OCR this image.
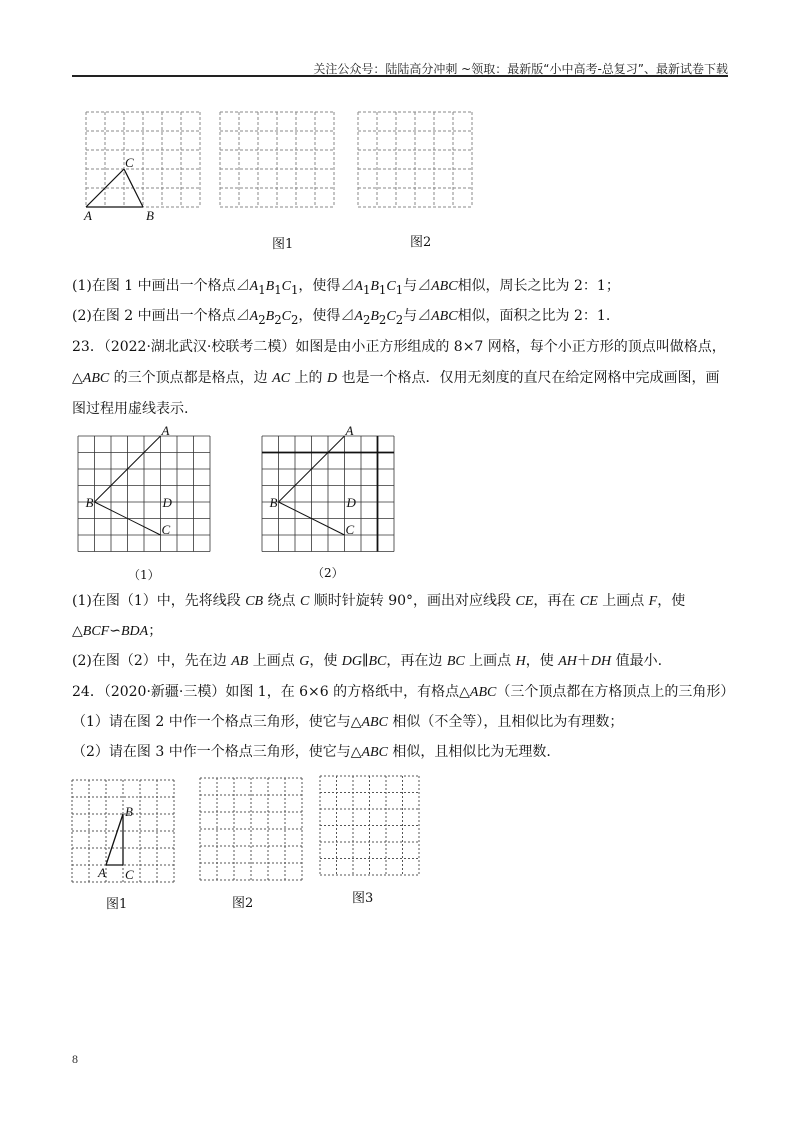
关注公众号：陆陆高分冲刺 ~领取：最新版“小中高考-总复习”、最新试卷下载
A	B
C
图1	图2
(1)在图 1 中画出一个格点$⊿A_1B_1C_1$，使得$⊿A_1B_1C_1$与⊿ABC相似，周长之比为 2：1；
(2)在图 2 中画出一个格点$⊿A_2B_2C_2$，使得$⊿A_2B_2C_2$与⊿ABC相似，面积之比为 2：1.
23．（2022·湖北武汉·校联考二模）如图是由小正方形组成的 8×7 网格，每个小正方形的顶点叫做格点，
△ABC 的三个顶点都是格点，边 AC 上的 D 也是一个格点．仅用无刻度的直尺在给定网格中完成画图，画
图过程用虚线表示.
A
B
C
D
A
B
C
D
（1）	（2）
(1)在图（1）中，先将线段 CB 绕点 C 顺时针旋转 90°，画出对应线段 CE，再在 CE 上画点 F，使
△BCF∽BDA；
(2)在图（2）中，先在边 AB 上画点 G，使 DG∥BC，再在边 BC 上画点 H，使 AH＋DH 值最小.
24．（2020·新疆·三模）如图 1，在 6×6 的方格纸中，有格点△ABC（三个顶点都在方格顶点上的三角形）
（1）请在图 2 中作一个格点三角形，使它与△ABC 相似（不全等），且相似比为有理数；
（2）请在图 3 中作一个格点三角形，使它与△ABC 相似，且相似比为无理数.
A
B
C
图1	图2	图3
8
